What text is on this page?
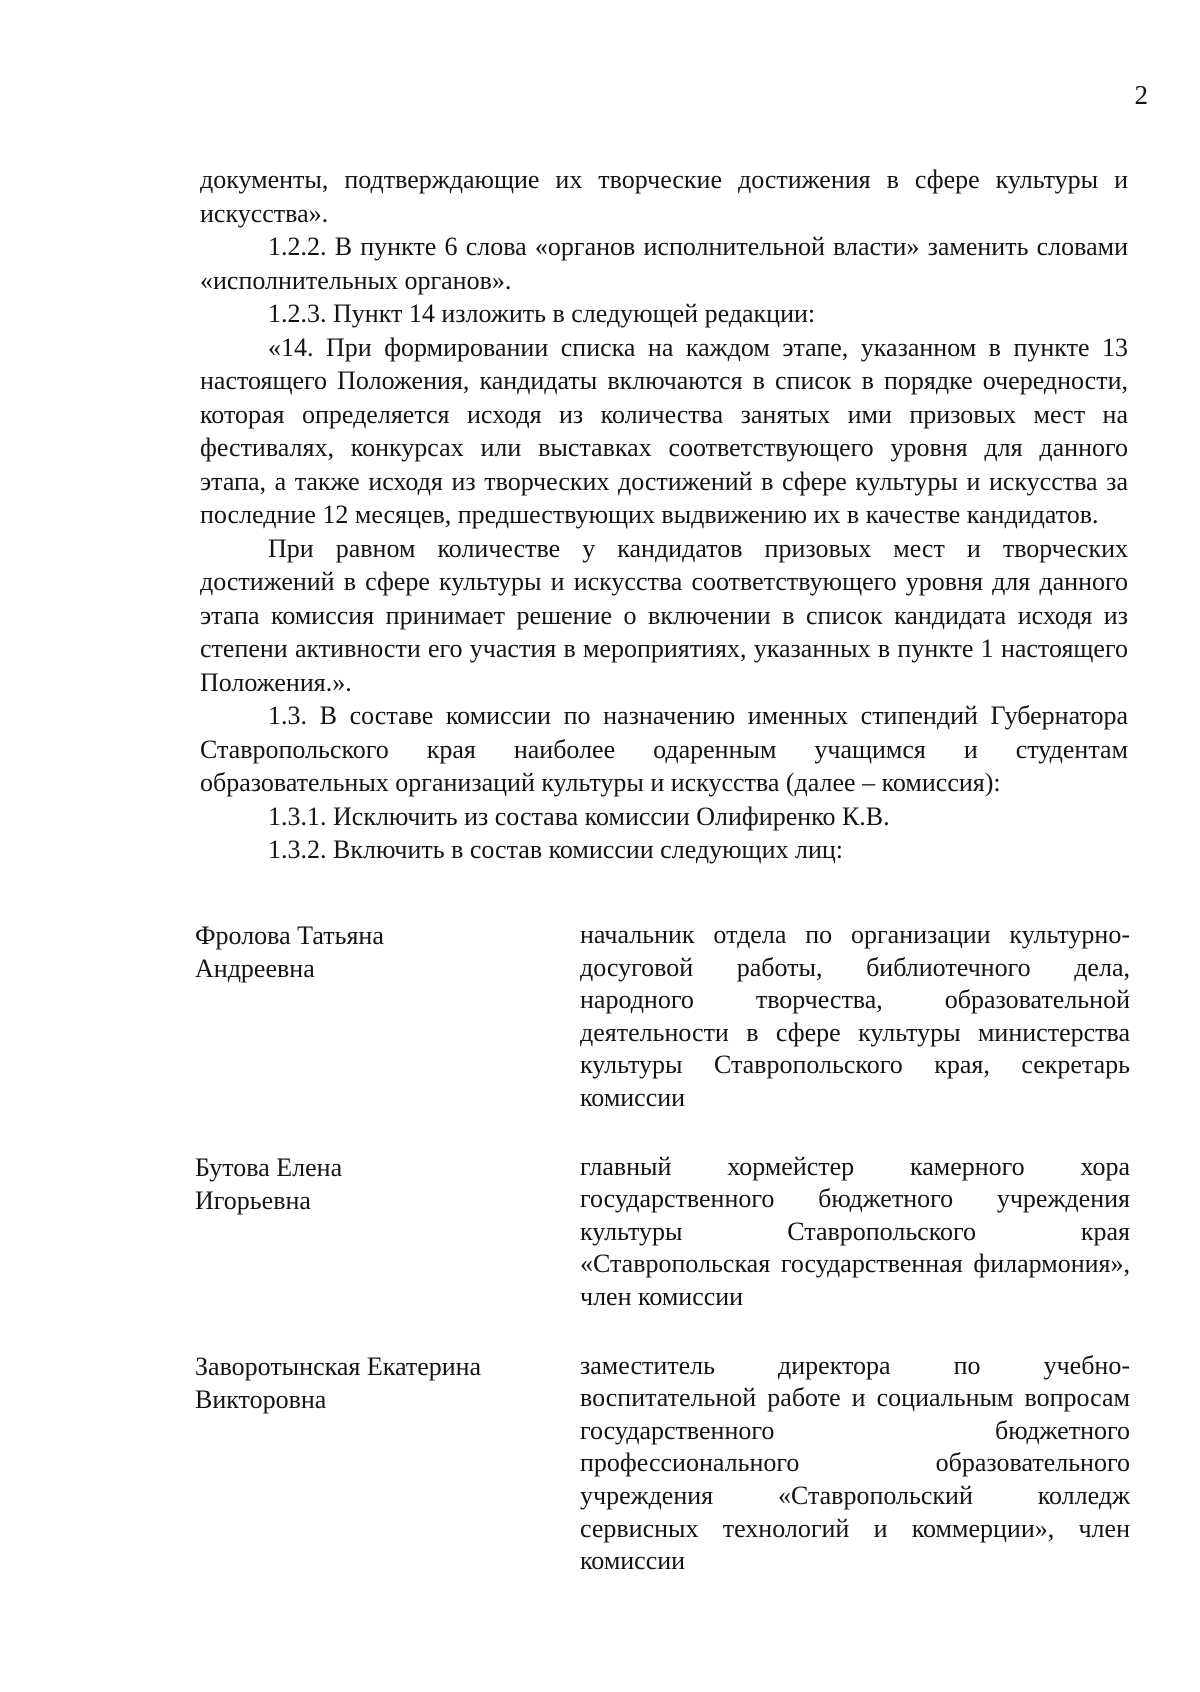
2

документы, подтверждающие их творческие достижения в сфере культуры и искусства».

1.2.2. В пункте 6 слова «органов исполнительной власти» заменить словами «исполнительных органов».

1.2.3. Пункт 14 изложить в следующей редакции:

«14. При формировании списка на каждом этапе, указанном в пункте 13 настоящего Положения, кандидаты включаются в список в порядке очередности, которая определяется исходя из количества занятых ими призовых мест на фестивалях, конкурсах или выставках соответствующего уровня для данного этапа, а также исходя из творческих достижений в сфере культуры и искусства за последние 12 месяцев, предшествующих выдвижению их в качестве кандидатов.

При равном количестве у кандидатов призовых мест и творческих достижений в сфере культуры и искусства соответствующего уровня для данного этапа комиссия принимает решение о включении в список кандидата исходя из степени активности его участия в мероприятиях, указанных в пункте 1 настоящего Положения.».

1.3. В составе комиссии по назначению именных стипендий Губернатора Ставропольского края наиболее одаренным учащимся и студентам образовательных организаций культуры и искусства (далее – комиссия):

1.3.1. Исключить из состава комиссии Олифиренко К.В.

1.3.2. Включить в состав комиссии следующих лиц:

Фролова Татьяна
Андреевна
начальник отдела по организации культурно-досуговой работы, библиотечного дела, народного творчества, образовательной деятельности в сфере культуры министерства культуры Ставропольского края, секретарь комиссии
Бутова Елена
Игорьевна
главный хормейстер камерного хора государственного бюджетного учреждения культуры Ставропольского края «Ставропольская государственная филармония», член комиссии
Заворотынская Екатерина
Викторовна
заместитель директора по учебно-воспитательной работе и социальным вопросам государственного бюджетного профессионального образовательного учреждения «Ставропольский колледж сервисных технологий и коммерции», член комиссии
